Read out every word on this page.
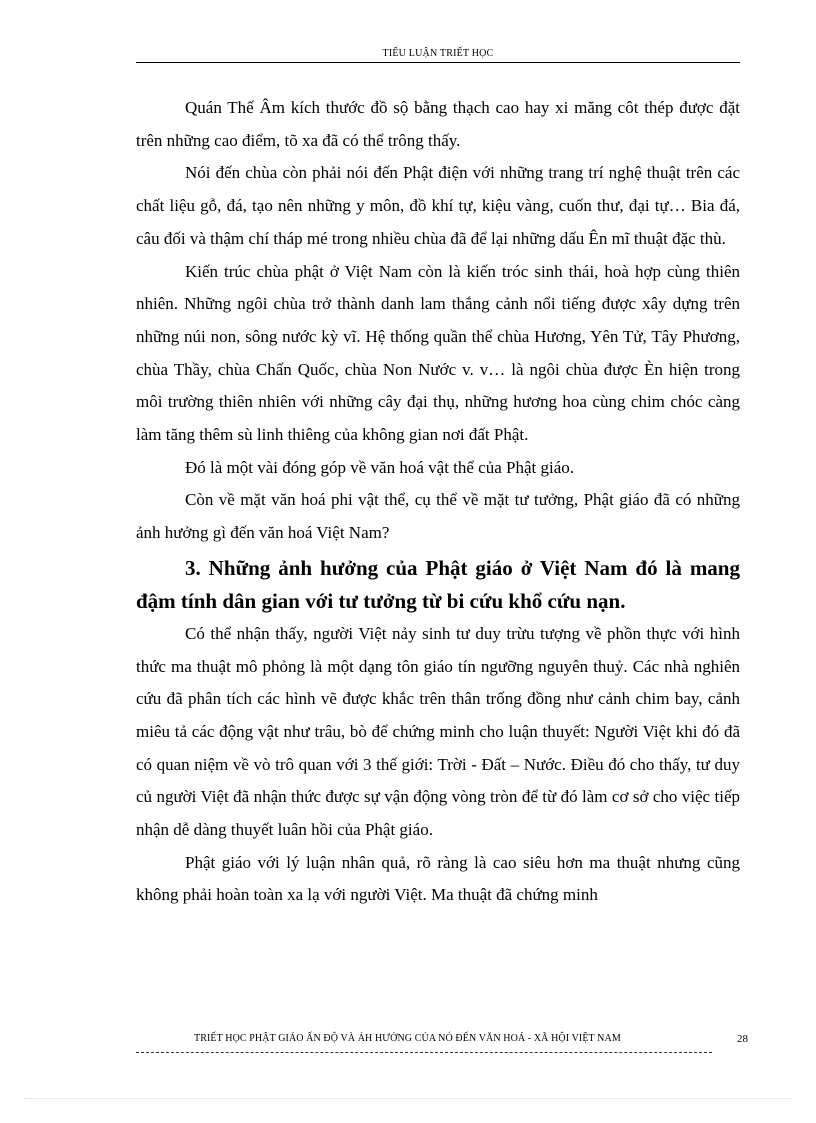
TIỂU LUẬN TRIẾT HỌC

Quán Thế Âm kích thước đồ sộ bằng thạch cao hay xi măng côt thép được đặt trên những cao điểm, tõ xa đã có thể trông thấy.

Nói đến chùa còn phải nói đến Phật điện với những trang trí nghệ thuật trên các chất liệu gỗ, đá, tạo nên những y môn, đồ khí tự, kiệu vàng, cuốn thư, đại tự… Bia đá, câu đối và thậm chí tháp mé trong nhiều chùa đã để lại những dấu Ên mĩ thuật đặc thù.

Kiến trúc chùa phật ở Việt Nam còn là kiến tróc sinh thái, hoà hợp cùng thiên nhiên. Những ngôi chùa trở thành danh lam thắng cảnh nổi tiếng được xây dựng trên những núi non, sông nước kỳ vĩ. Hệ thống quần thể chùa Hương, Yên Tử, Tây Phương, chùa Thầy, chùa Chấn Quốc, chùa Non Nước v. v… là ngôi chùa được Èn hiện trong môi trường thiên nhiên với những cây đại thụ, những hương hoa cùng chim chóc càng làm tăng thêm sù linh thiêng của không gian nơi đất Phật.

Đó là một vài đóng góp về văn hoá vật thể của Phật giáo.

Còn về mặt văn hoá phi vật thể, cụ thể về mặt tư tưởng, Phật giáo đã có những ảnh hưởng gì đến văn hoá Việt Nam?

3. Những ảnh hưởng của Phật giáo ở Việt Nam đó là mang đậm tính dân gian với tư tưởng từ bi cứu khổ cứu nạn.

Có thể nhận thấy, người Việt nảy sinh tư duy trừu tượng về phồn thực với hình thức ma thuật mô phỏng là một dạng tôn giáo tín ngưỡng nguyên thuỷ. Các nhà nghiên cứu đã phân tích các hình vẽ được khắc trên thân trống đồng như cảnh chim bay, cảnh miêu tả các động vật như trâu, bò để chứng minh cho luận thuyết: Người Việt khi đó đã có quan niệm về vò trô quan với 3 thế giới: Trời - Đất – Nước. Điều đó cho thấy, tư duy củ người Việt đã nhận thức được sự vận động vòng tròn để từ đó làm cơ sở cho việc tiếp nhận dễ dàng thuyết luân hồi của Phật giáo.

Phật giáo với lý luận nhân quả, rõ ràng là cao siêu hơn ma thuật nhưng cũng không phải hoàn toàn xa lạ với người Việt. Ma thuật đã chứng minh

TRIẾT HỌC PHẬT GIÁO ẤN ĐỘ VÀ ẢH HƯỞNG CỦA NÓ ĐẾN VĂN HOÁ - XÃ HỘI VIỆT NAM	28
